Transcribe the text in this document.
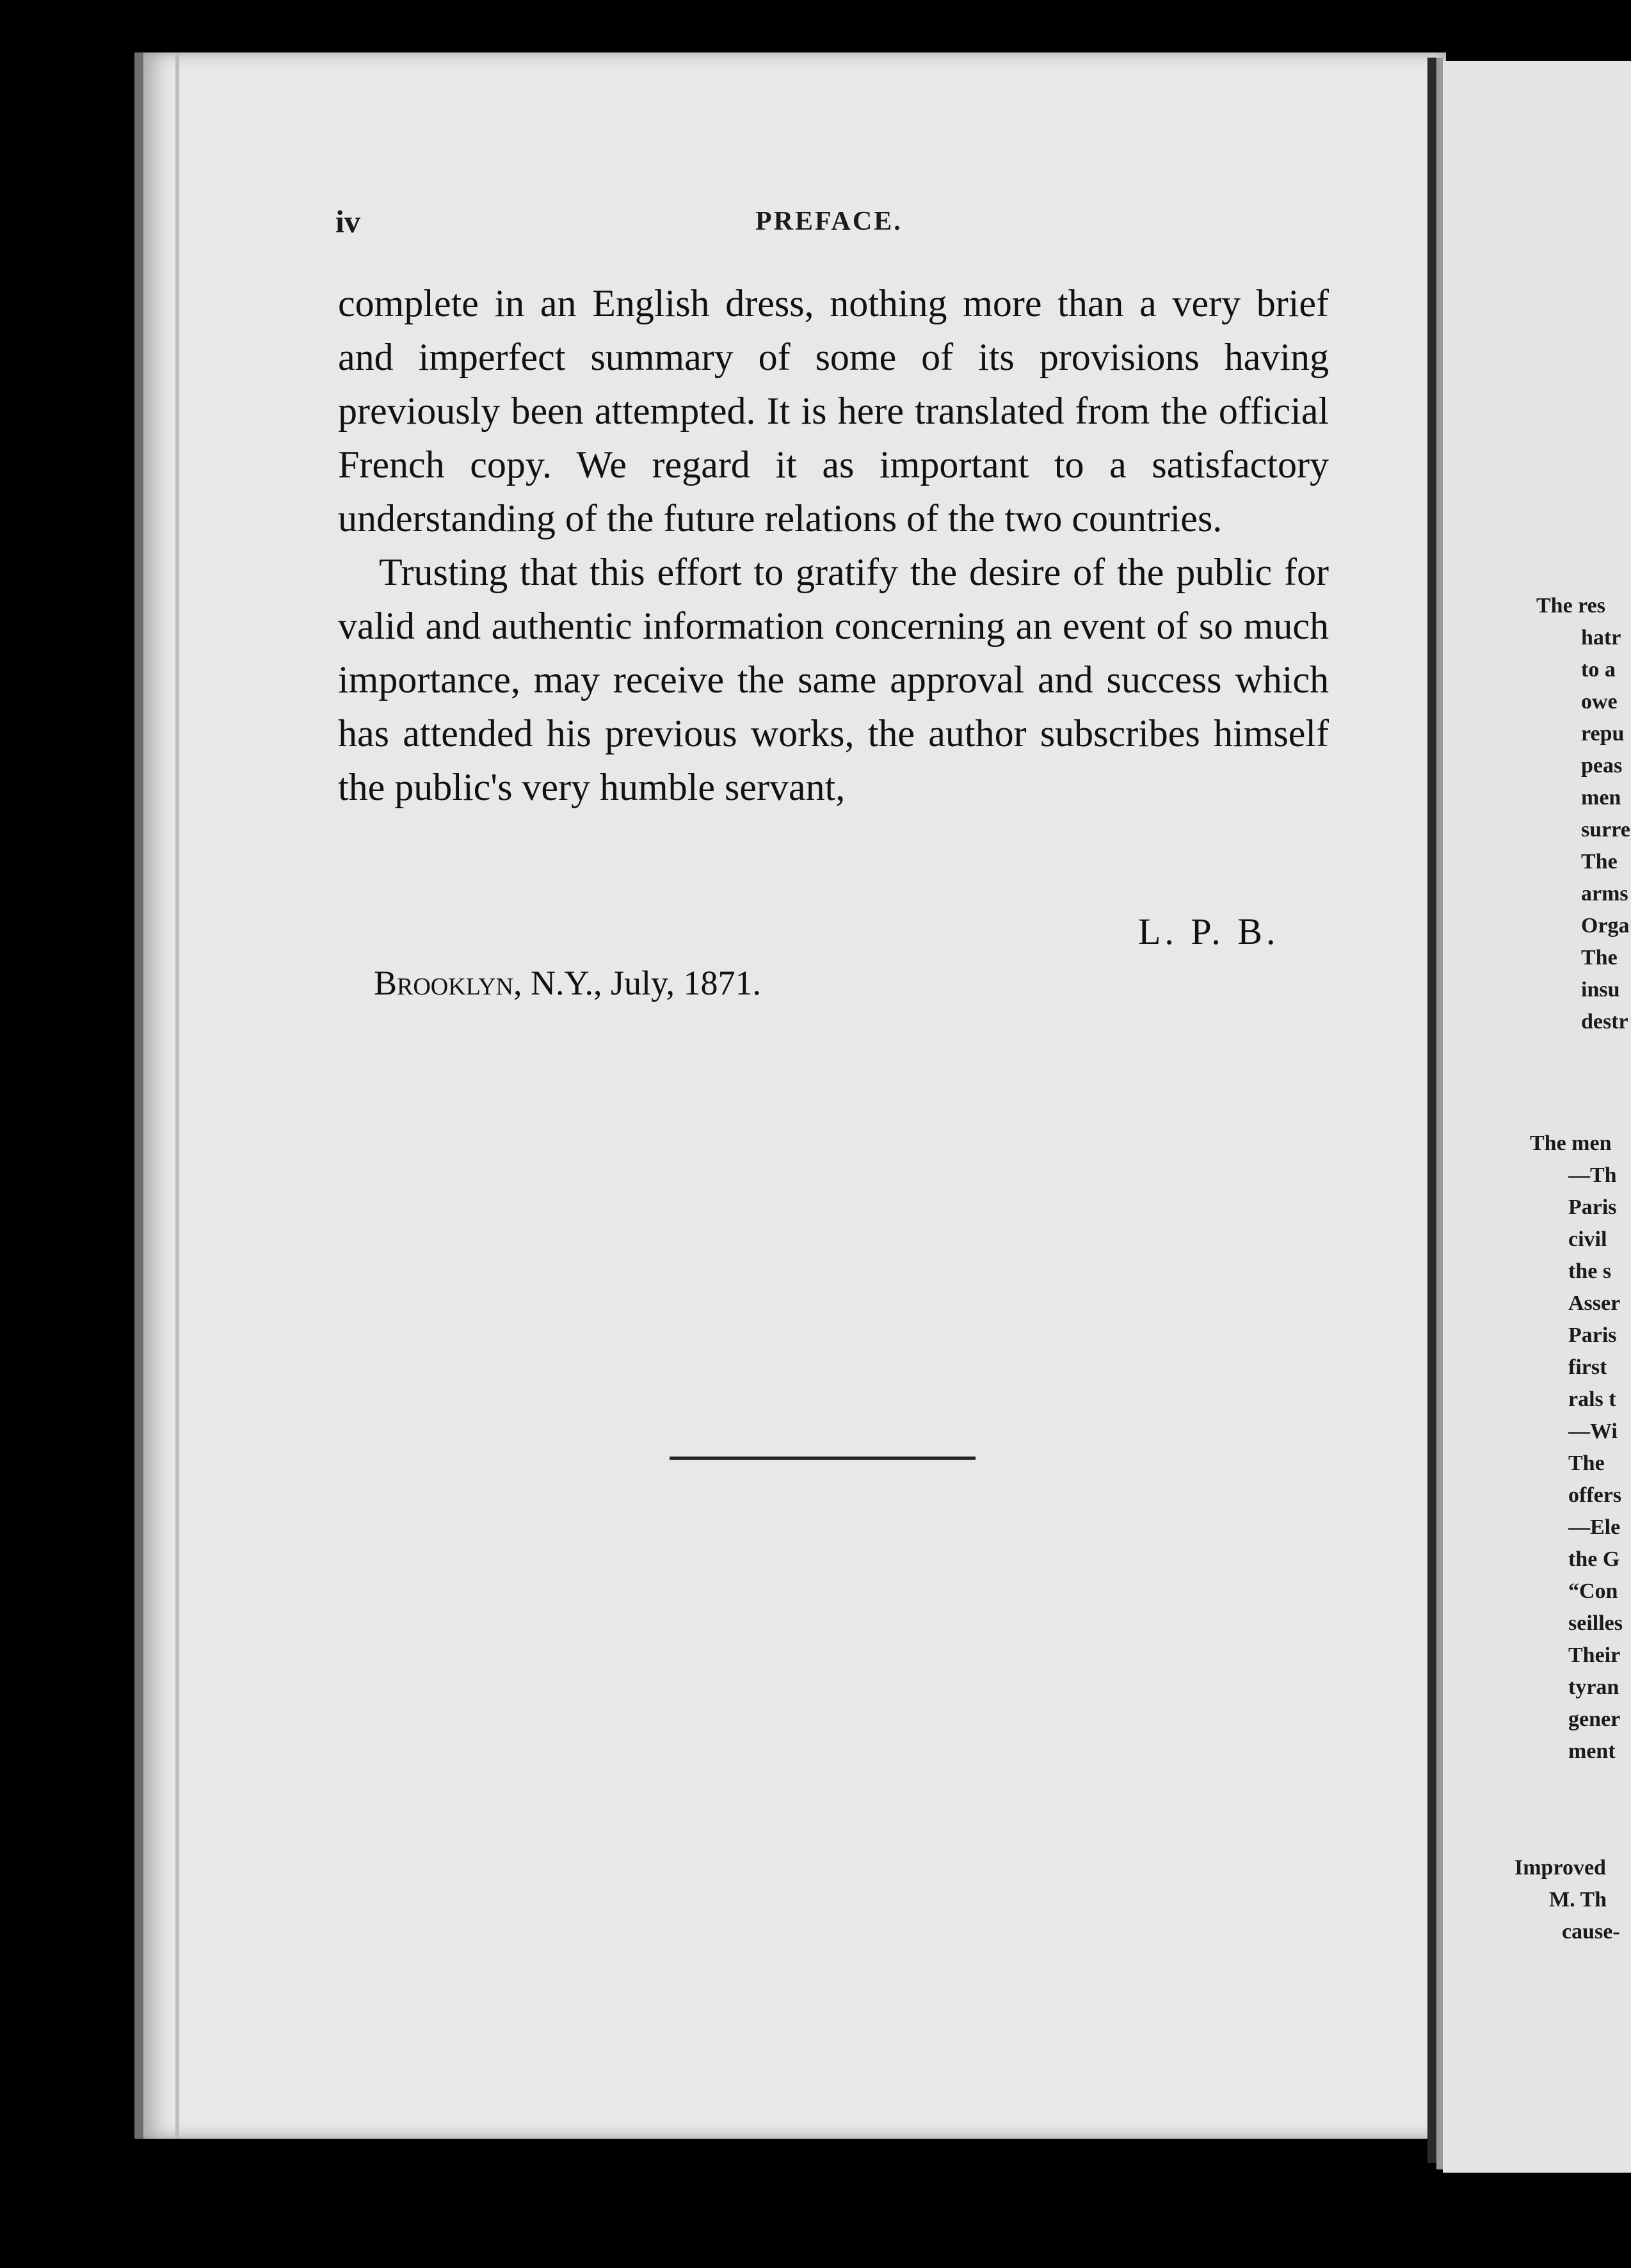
iv	PREFACE.

complete in an English dress, nothing more than a very brief and imperfect summary of some of its provisions having previously been attempted. It is here translated from the official French copy. We regard it as important to a satisfactory understanding of the future relations of the two countries.

Trusting that this effort to gratify the desire of the public for valid and authentic information concerning an event of so much importance, may receive the same approval and success which has attended his previous works, the author subscribes himself the public's very humble servant,

L. P. B.
Brooklyn, N.Y., July, 1871.
The res
hatr
to a
owe
repu
peas
men
surre
The
arms
Orga
The
insu
destr
The men
—Th
Paris
civil
the s
Asser
Paris
first
rals t
—Wi
The
offers
—Ele
the G
“Con
seilles
Their
tyran
gener
ment
Improved
M. Th
cause-
